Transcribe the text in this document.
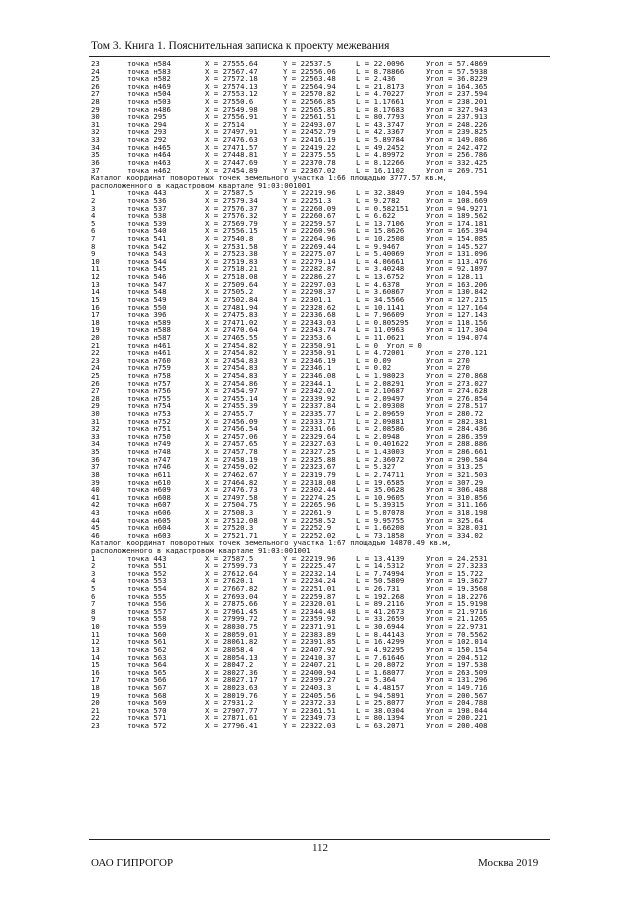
Том 3. Книга 1. Пояснительная записка к проекту межевания
23	точка н584	X = 27555.64	Y = 22537.5	L = 22.0096	Угол = 57.4869
24	точка н583	X = 27567.47	Y = 22556.06	L = 8.78866	Угол = 57.5938
25	точка н582	X = 27572.18	Y = 22563.48	L = 2.436	Угол = 36.8229
26	точка н469	X = 27574.13	Y = 22564.94	L = 21.8173	Угол = 164.365
27	точка н504	X = 27553.12	Y = 22570.82	L = 4.70227	Угол = 237.594
28	точка н503	X = 27550.6	Y = 22566.85	L = 1.17661	Угол = 238.201
29	точка н486	X = 27549.98	Y = 22565.85	L = 8.17683	Угол = 327.943
30	точка 295	X = 27556.91	Y = 22561.51	L = 80.7793	Угол = 237.913
31	точка 294	X = 27514	Y = 22493.07	L = 43.3747	Угол = 248.226
32	точка 293	X = 27497.91	Y = 22452.79	L = 42.3367	Угол = 239.825
33	точка 292	X = 27476.63	Y = 22416.19	L = 5.89784	Угол = 149.086
34	точка н465	X = 27471.57	Y = 22419.22	L = 49.2452	Угол = 242.472
35	точка н464	X = 27448.81	Y = 22375.55	L = 4.89972	Угол = 256.786
36	точка н463	X = 27447.69	Y = 22370.78	L = 8.12266	Угол = 332.425
37	точка н462	X = 27454.89	Y = 22367.02	L = 16.1102	Угол = 269.751
Каталог координат поворотных точек земельного участка 1:66 площадью 3777.57 кв.м,
расположенного в кадастровом квартале 91:03:001001
1	точка 443	X = 27587.5	Y = 22219.96	L = 32.3849	Угол = 104.594
2	точка 536	X = 27579.34	Y = 22251.3	L = 9.2782	Угол = 108.669
3	точка 537	X = 27576.37	Y = 22260.09	L = 0.582151 Угол = 94.9271
4	точка 538	X = 27576.32	Y = 22260.67	L = 6.622	Угол = 189.562
5	точка 539	X = 27569.79	Y = 22259.57	L = 13.7106	Угол = 174.181
6	точка 540	X = 27556.15	Y = 22260.96	L = 15.8626	Угол = 165.394
7	точка 541	X = 27540.8	Y = 22264.96	L = 10.2508	Угол = 154.085
8	точка 542	X = 27531.58	Y = 22269.44	L = 9.9467	Угол = 145.527
9	точка 543	X = 27523.38	Y = 22275.07	L = 5.40069	Угол = 131.096
10	точка 544	X = 27519.83	Y = 22279.14	L = 4.06661	Угол = 113.476
11	точка 545	X = 27518.21	Y = 22282.87	L = 3.40248	Угол = 92.1897
12	точка 546	X = 27518.08	Y = 22286.27	L = 13.6752	Угол = 128.11
13	точка 547	X = 27509.64	Y = 22297.03	L = 4.6378	Угол = 163.206
14	точка 548	X = 27505.2	Y = 22298.37	L = 3.60867	Угол = 130.842
15	точка 549	X = 27502.84	Y = 22301.1	L = 34.5566	Угол = 127.215
16	точка 550	X = 27481.94	Y = 22328.62	L = 10.1141	Угол = 127.164
17	точка 396	X = 27475.83	Y = 22336.68	L = 7.96609	Угол = 127.143
18	точка н589	X = 27471.02	Y = 22343.03	L = 0.805295 Угол = 118.156
19	точка н588	X = 27470.64	Y = 22343.74	L = 11.0963	Угол = 117.304
20	точка н587	X = 27465.55	Y = 22353.6	L = 11.0621	Угол = 194.074
21	точка н461	X = 27454.82	Y = 22350.91	L = 0  Угол = 0
22	точка н461	X = 27454.82	Y = 22350.91	L = 4.72001	Угол = 270.121
23	точка н760	X = 27454.83	Y = 22346.19	L = 0.09	Угол = 270
24	точка н759	X = 27454.83	Y = 22346.1	L = 0.02	Угол = 270
25	точка н758	X = 27454.83	Y = 22346.08	L = 1.98023	Угол = 270.868
26	точка н757	X = 27454.86	Y = 22344.1	L = 2.08291	Угол = 273.027
27	точка н756	X = 27454.97	Y = 22342.02	L = 2.10687	Угол = 274.628
28	точка н755	X = 27455.14	Y = 22339.92	L = 2.09497	Угол = 276.854
29	точка н754	X = 27455.39	Y = 22337.84	L = 2.09308	Угол = 278.517
30	точка н753	X = 27455.7	Y = 22335.77	L = 2.09659	Угол = 280.72
31	точка н752	X = 27456.09	Y = 22333.71	L = 2.09881	Угол = 282.381
32	точка н751	X = 27456.54	Y = 22331.66	L = 2.08586	Угол = 284.436
33	точка н750	X = 27457.06	Y = 22329.64	L = 2.0948	Угол = 286.359
34	точка н749	X = 27457.65	Y = 22327.63	L = 0.401622 Угол = 288.886
35	точка н748	X = 27457.78	Y = 22327.25	L = 1.43003	Угол = 286.661
36	точка н747	X = 27458.19	Y = 22325.88	L = 2.36072	Угол = 290.584
37	точка н746	X = 27459.02	Y = 22323.67	L = 5.327	Угол = 313.25
38	точка н611	X = 27462.67	Y = 22319.79	L = 2.74711	Угол = 321.503
39	точка н610	X = 27464.82	Y = 22318.08	L = 19.6585	Угол = 307.29
40	точка н609	X = 27476.73	Y = 22302.44	L = 35.0628	Угол = 306.488
41	точка н608	X = 27497.58	Y = 22274.25	L = 10.9605	Угол = 310.856
42	точка н607	X = 27504.75	Y = 22265.96	L = 5.39315	Угол = 311.166
43	точка н606	X = 27508.3	Y = 22261.9	L = 5.07078	Угол = 318.198
44	точка н605	X = 27512.08	Y = 22258.52	L = 9.95755	Угол = 325.64
45	точка н604	X = 27520.3	Y = 22252.9	L = 1.66208	Угол = 328.031
46	точка н603	X = 27521.71	Y = 22252.02	L = 73.1858	Угол = 334.02
Каталог координат поворотных точек земельного участка 1:67 площадью 14870.49 кв.м,
расположенного в кадастровом квартале 91:03:001001
1	точка 443	X = 27587.5	Y = 22219.96	L = 13.4139	Угол = 24.2531
2	точка 551	X = 27599.73	Y = 22225.47	L = 14.5312	Угол = 27.3233
3	точка 552	X = 27612.64	Y = 22232.14	L = 7.74994	Угол = 15.722
4	точка 553	X = 27620.1	Y = 22234.24	L = 50.5809	Угол = 19.3627
5	точка 554	X = 27667.82	Y = 22251.01	L = 26.731	Угол = 19.3568
6	точка 555	X = 27693.04	Y = 22259.87	L = 192.268	Угол = 18.2276
7	точка 556	X = 27875.66	Y = 22320.01	L = 89.2116	Угол = 15.9198
8	точка 557	X = 27961.45	Y = 22344.48	L = 41.2673	Угол = 21.9716
9	точка 558	X = 27999.72	Y = 22359.92	L = 33.2659	Угол = 21.1265
10	точка 559	X = 28030.75	Y = 22371.91	L = 30.6944	Угол = 22.9731
11	точка 560	X = 28059.01	Y = 22383.89	L = 8.44143	Угол = 70.5562
12	точка 561	X = 28061.82	Y = 22391.85	L = 16.4299	Угол = 102.014
13	точка 562	X = 28058.4	Y = 22407.92	L = 4.92295	Угол = 150.154
14	точка 563	X = 28054.13	Y = 22410.37	L = 7.61646	Угол = 204.512
15	точка 564	X = 28047.2	Y = 22407.21	L = 20.8072	Угол = 197.538
16	точка 565	X = 28027.36	Y = 22400.94	L = 1.68077	Угол = 263.509
17	точка 566	X = 28027.17	Y = 22399.27	L = 5.364	Угол = 131.296
18	точка 567	X = 28023.63	Y = 22403.3	L = 4.48157	Угол = 149.716
19	точка 568	X = 28019.76	Y = 22405.56	L = 94.5891	Угол = 200.567
20	точка 569	X = 27931.2	Y = 22372.33	L = 25.8077	Угол = 204.788
21	точка 570	X = 27907.77	Y = 22361.51	L = 38.0304	Угол = 198.044
22	точка 571	X = 27871.61	Y = 22349.73	L = 80.1394	Угол = 200.221
23	точка 572	X = 27796.41	Y = 22322.03	L = 63.2071	Угол = 200.408
112
ОАО ГИПРОГОР	Москва 2019
